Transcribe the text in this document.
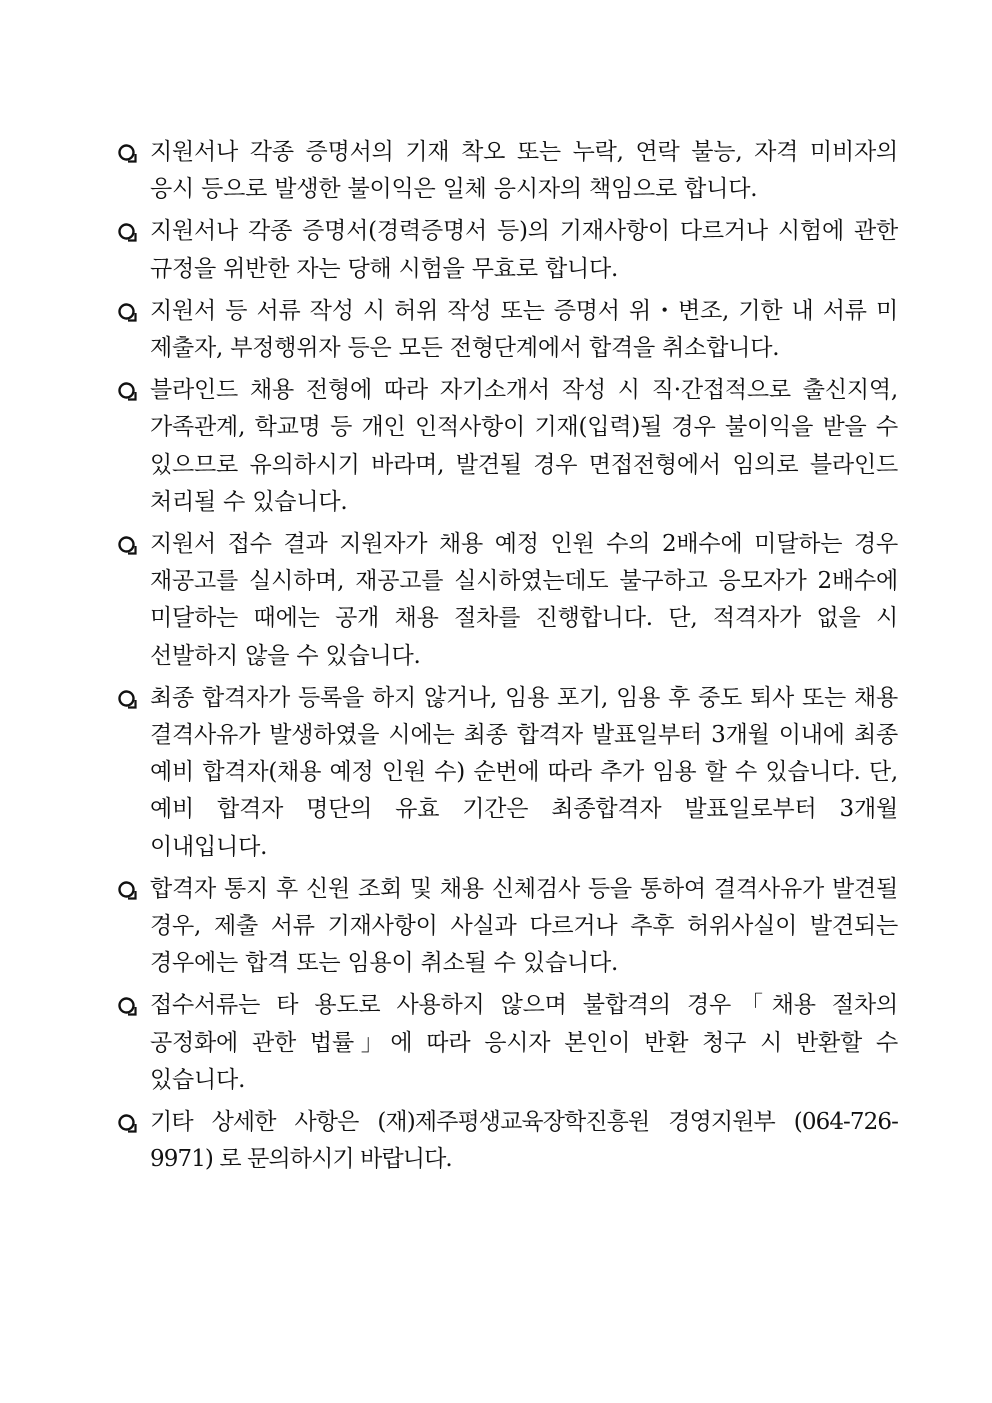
지원서나 각종 증명서의 기재 착오 또는 누락, 연락 불능, 자격 미비자의 응시 등으로 발생한 불이익은 일체 응시자의 책임으로 합니다.
지원서나 각종 증명서(경력증명서 등)의 기재사항이 다르거나 시험에 관한 규정을 위반한 자는 당해 시험을 무효로 합니다.
지원서 등 서류 작성 시 허위 작성 또는 증명서 위・변조, 기한 내 서류 미 제출자, 부정행위자 등은 모든 전형단계에서 합격을 취소합니다.
블라인드 채용 전형에 따라 자기소개서 작성 시 직·간접적으로 출신지역, 가족관계, 학교명 등 개인 인적사항이 기재(입력)될 경우 불이익을 받을 수 있으므로 유의하시기 바라며, 발견될 경우 면접전형에서 임의로 블라인드 처리될 수 있습니다.
지원서 접수 결과 지원자가 채용 예정 인원 수의 2배수에 미달하는 경우 재공고를 실시하며, 재공고를 실시하였는데도 불구하고 응모자가 2배수에 미달하는 때에는 공개 채용 절차를 진행합니다. 단, 적격자가 없을 시 선발하지 않을 수 있습니다.
최종 합격자가 등록을 하지 않거나, 임용 포기, 임용 후 중도 퇴사 또는 채용 결격사유가 발생하였을 시에는 최종 합격자 발표일부터 3개월 이내에 최종 예비 합격자(채용 예정 인원 수) 순번에 따라 추가 임용 할 수 있습니다. 단, 예비 합격자 명단의 유효 기간은 최종합격자 발표일로부터 3개월 이내입니다.
합격자 통지 후 신원 조회 및 채용 신체검사 등을 통하여 결격사유가 발견될 경우, 제출 서류 기재사항이 사실과 다르거나 추후 허위사실이 발견되는 경우에는 합격 또는 임용이 취소될 수 있습니다.
접수서류는 타 용도로 사용하지 않으며 불합격의 경우「채용 절차의 공정화에 관한 법률」에 따라 응시자 본인이 반환 청구 시 반환할 수 있습니다.
기타 상세한 사항은 (재)제주평생교육장학진흥원 경영지원부 (064-726-9971) 로 문의하시기 바랍니다.
